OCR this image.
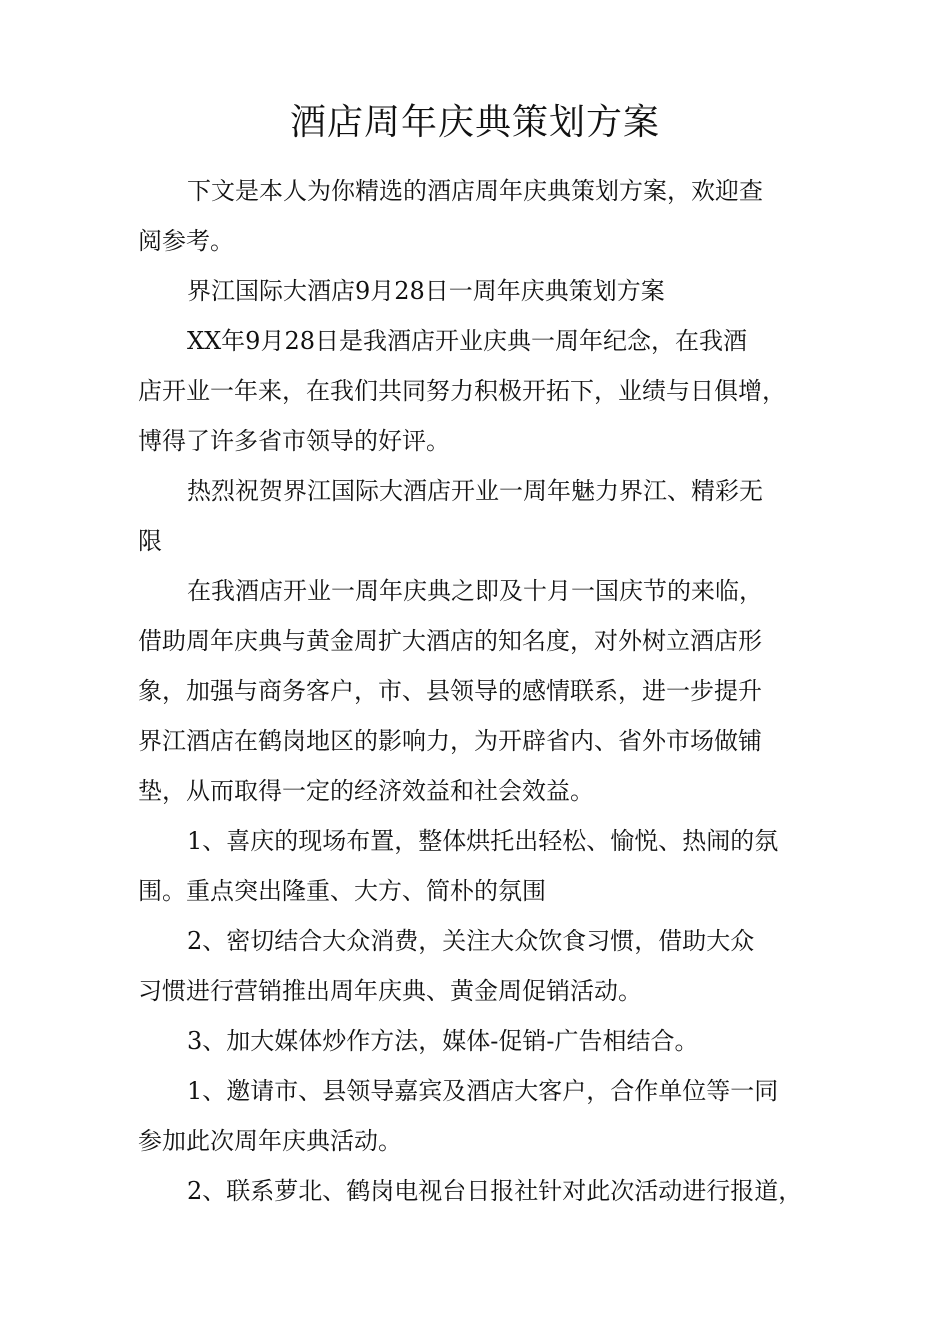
酒店周年庆典策划方案
下文是本人为你精选的酒店周年庆典策划方案，欢迎查
阅参考。
界江国际大酒店9月28日一周年庆典策划方案
XX年9月28日是我酒店开业庆典一周年纪念，在我酒
店开业一年来，在我们共同努力积极开拓下，业绩与日俱增，
博得了许多省市领导的好评。
热烈祝贺界江国际大酒店开业一周年魅力界江、精彩无
限
在我酒店开业一周年庆典之即及十月一国庆节的来临，
借助周年庆典与黄金周扩大酒店的知名度，对外树立酒店形
象，加强与商务客户，市、县领导的感情联系，进一步提升
界江酒店在鹤岗地区的影响力，为开辟省内、省外市场做铺
垫，从而取得一定的经济效益和社会效益。
1、喜庆的现场布置，整体烘托出轻松、愉悦、热闹的氛
围。重点突出隆重、大方、简朴的氛围
2、密切结合大众消费，关注大众饮食习惯，借助大众
习惯进行营销推出周年庆典、黄金周促销活动。
3、加大媒体炒作方法，媒体-促销-广告相结合。
1、邀请市、县领导嘉宾及酒店大客户，合作单位等一同
参加此次周年庆典活动。
2、联系萝北、鹤岗电视台日报社针对此次活动进行报道，
